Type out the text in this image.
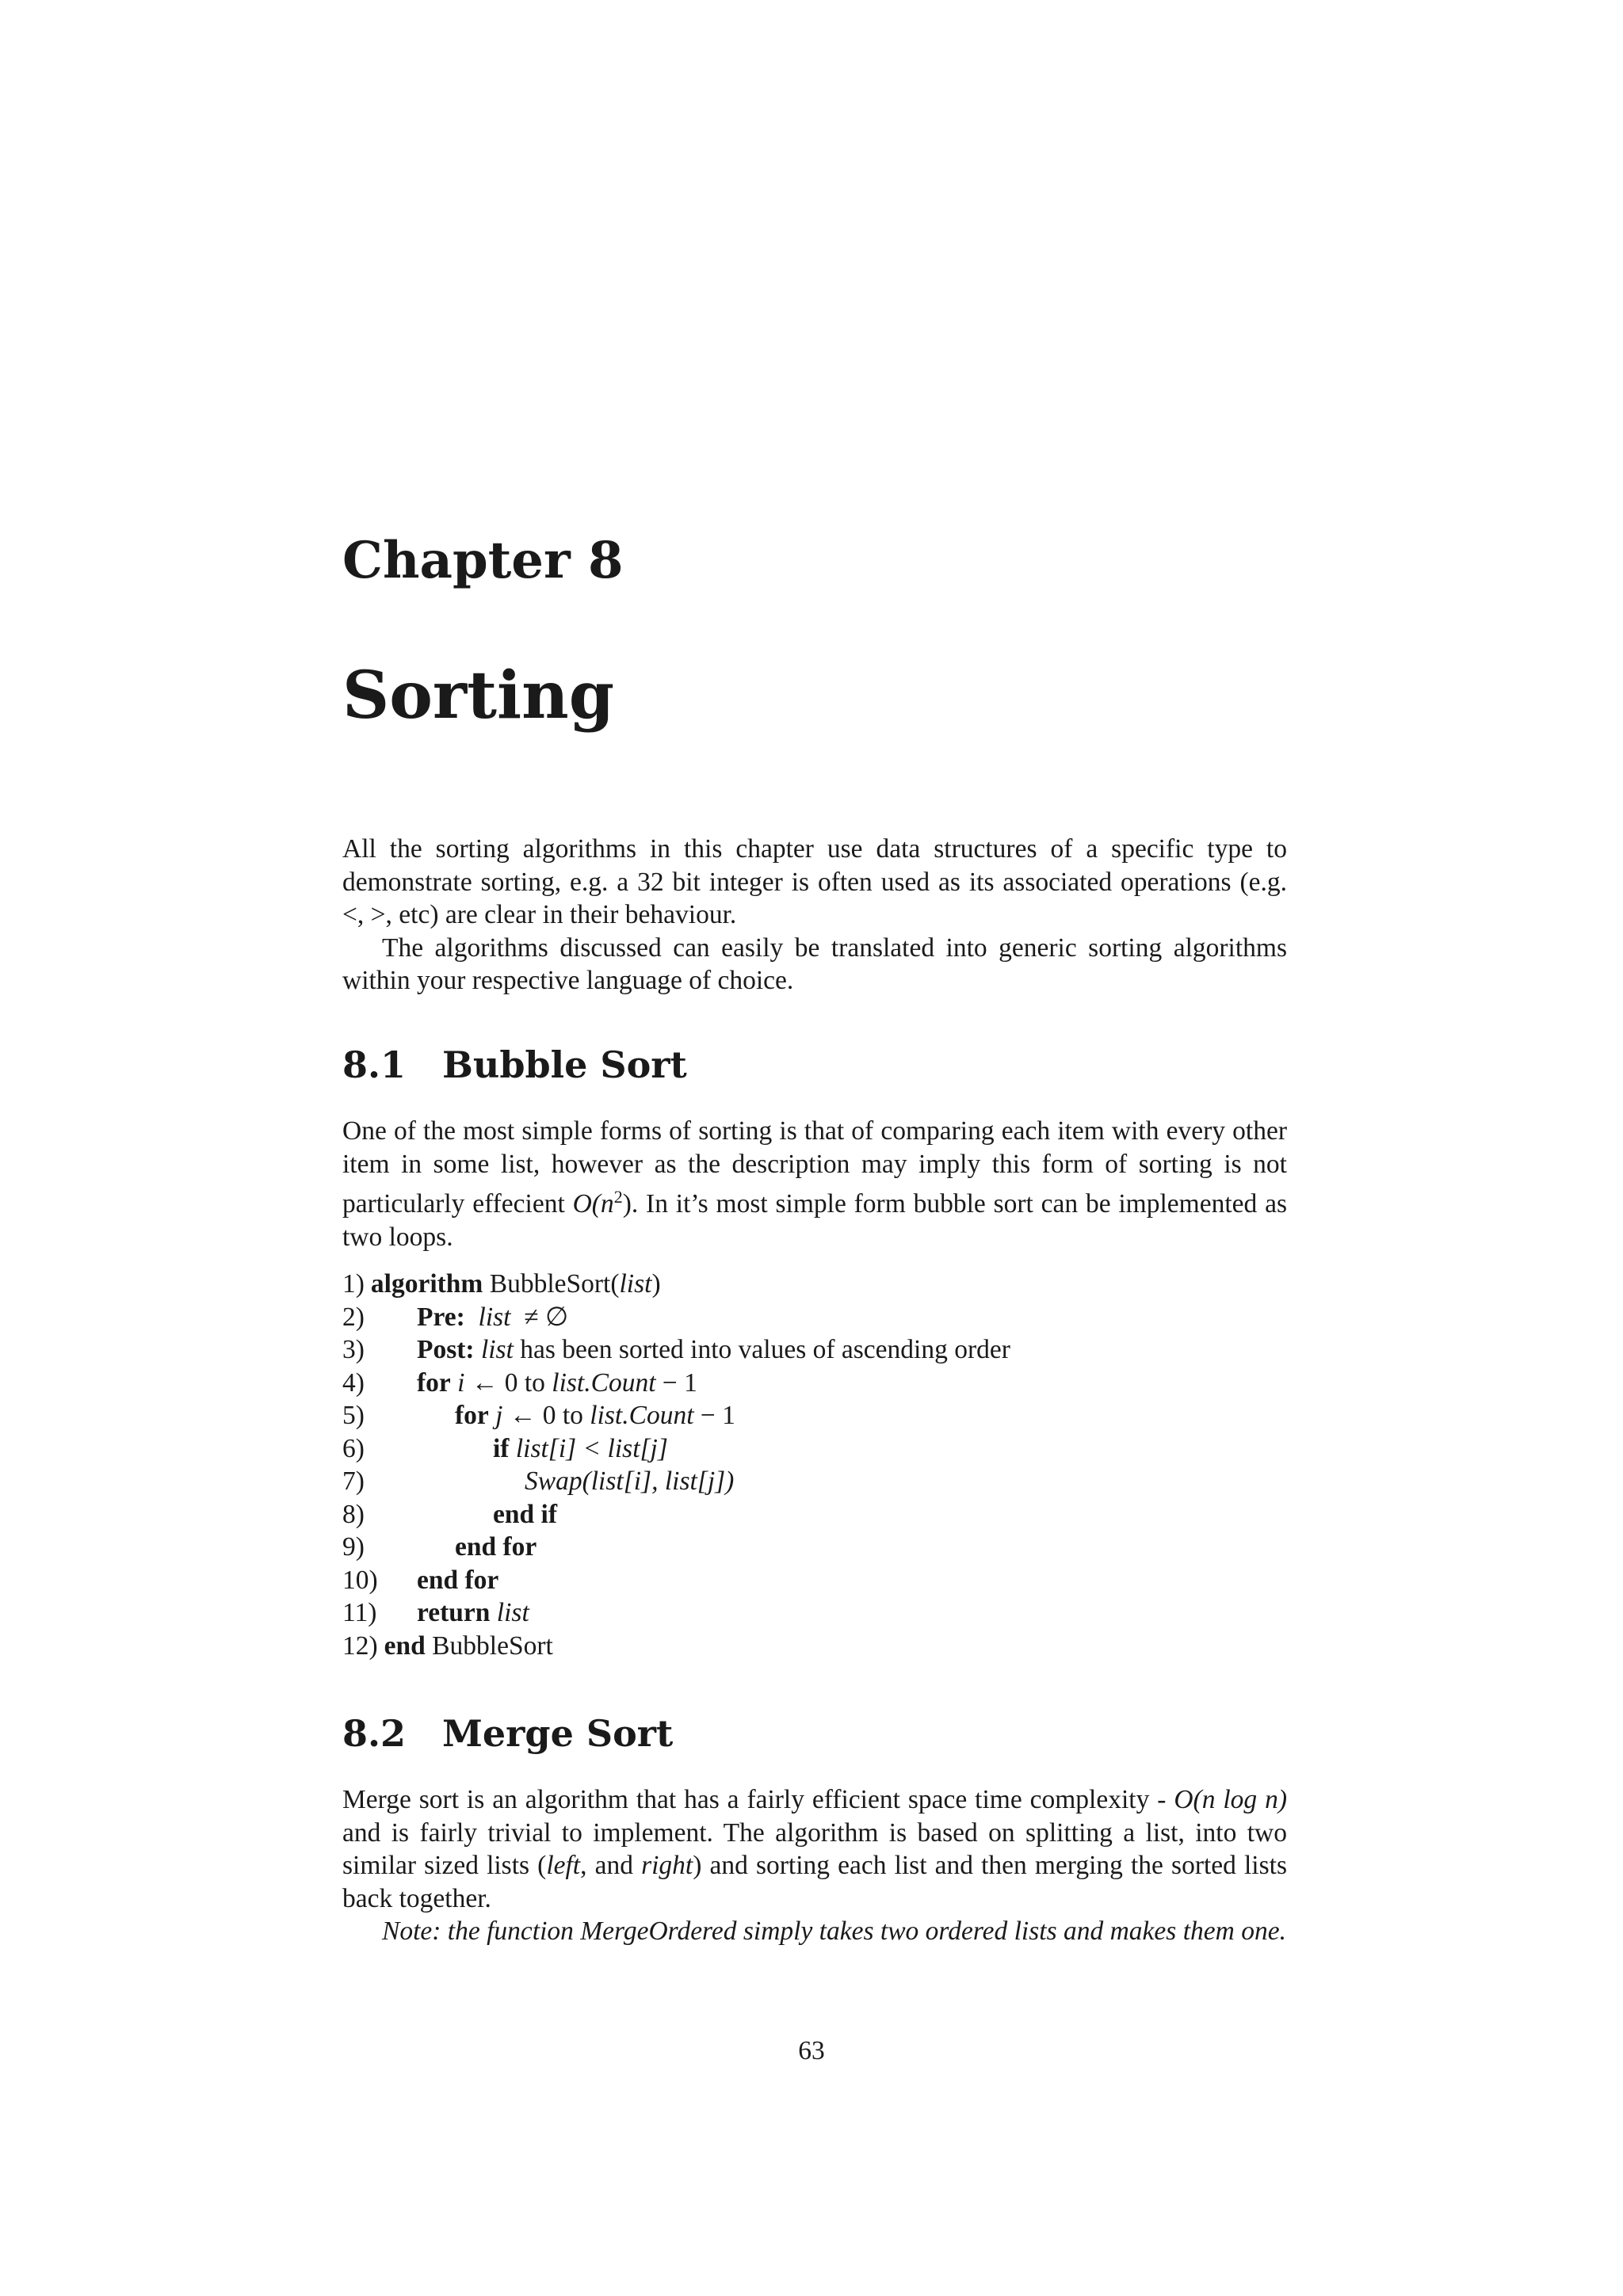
Chapter 8
Sorting

All the sorting algorithms in this chapter use data structures of a specific type to demonstrate sorting, e.g. a 32 bit integer is often used as its associated operations (e.g. <, >, etc) are clear in their behaviour.

The algorithms discussed can easily be translated into generic sorting algorithms within your respective language of choice.

8.1 Bubble Sort

One of the most simple forms of sorting is that of comparing each item with every other item in some list, however as the description may imply this form of sorting is not particularly effecient $O(n^2)$. In it’s most simple form bubble sort can be implemented as two loops.

1) algorithm BubbleSort(list)
2) Pre: list ≠ ∅
3) Post: list has been sorted into values of ascending order
4) for i ← 0 to list.Count − 1
5)	for j ← 0 to list.Count − 1
6)	if list[i] < list[j]
7)	Swap(list[i], list[j])
8)	end if
9)	end for
10) end for
11) return list
12) end BubbleSort
8.2 Merge Sort

Merge sort is an algorithm that has a fairly efficient space time complexity - O(n log n) and is fairly trivial to implement. The algorithm is based on splitting a list, into two similar sized lists (left, and right) and sorting each list and then merging the sorted lists back together.

Note: the function MergeOrdered simply takes two ordered lists and makes them one.

63
